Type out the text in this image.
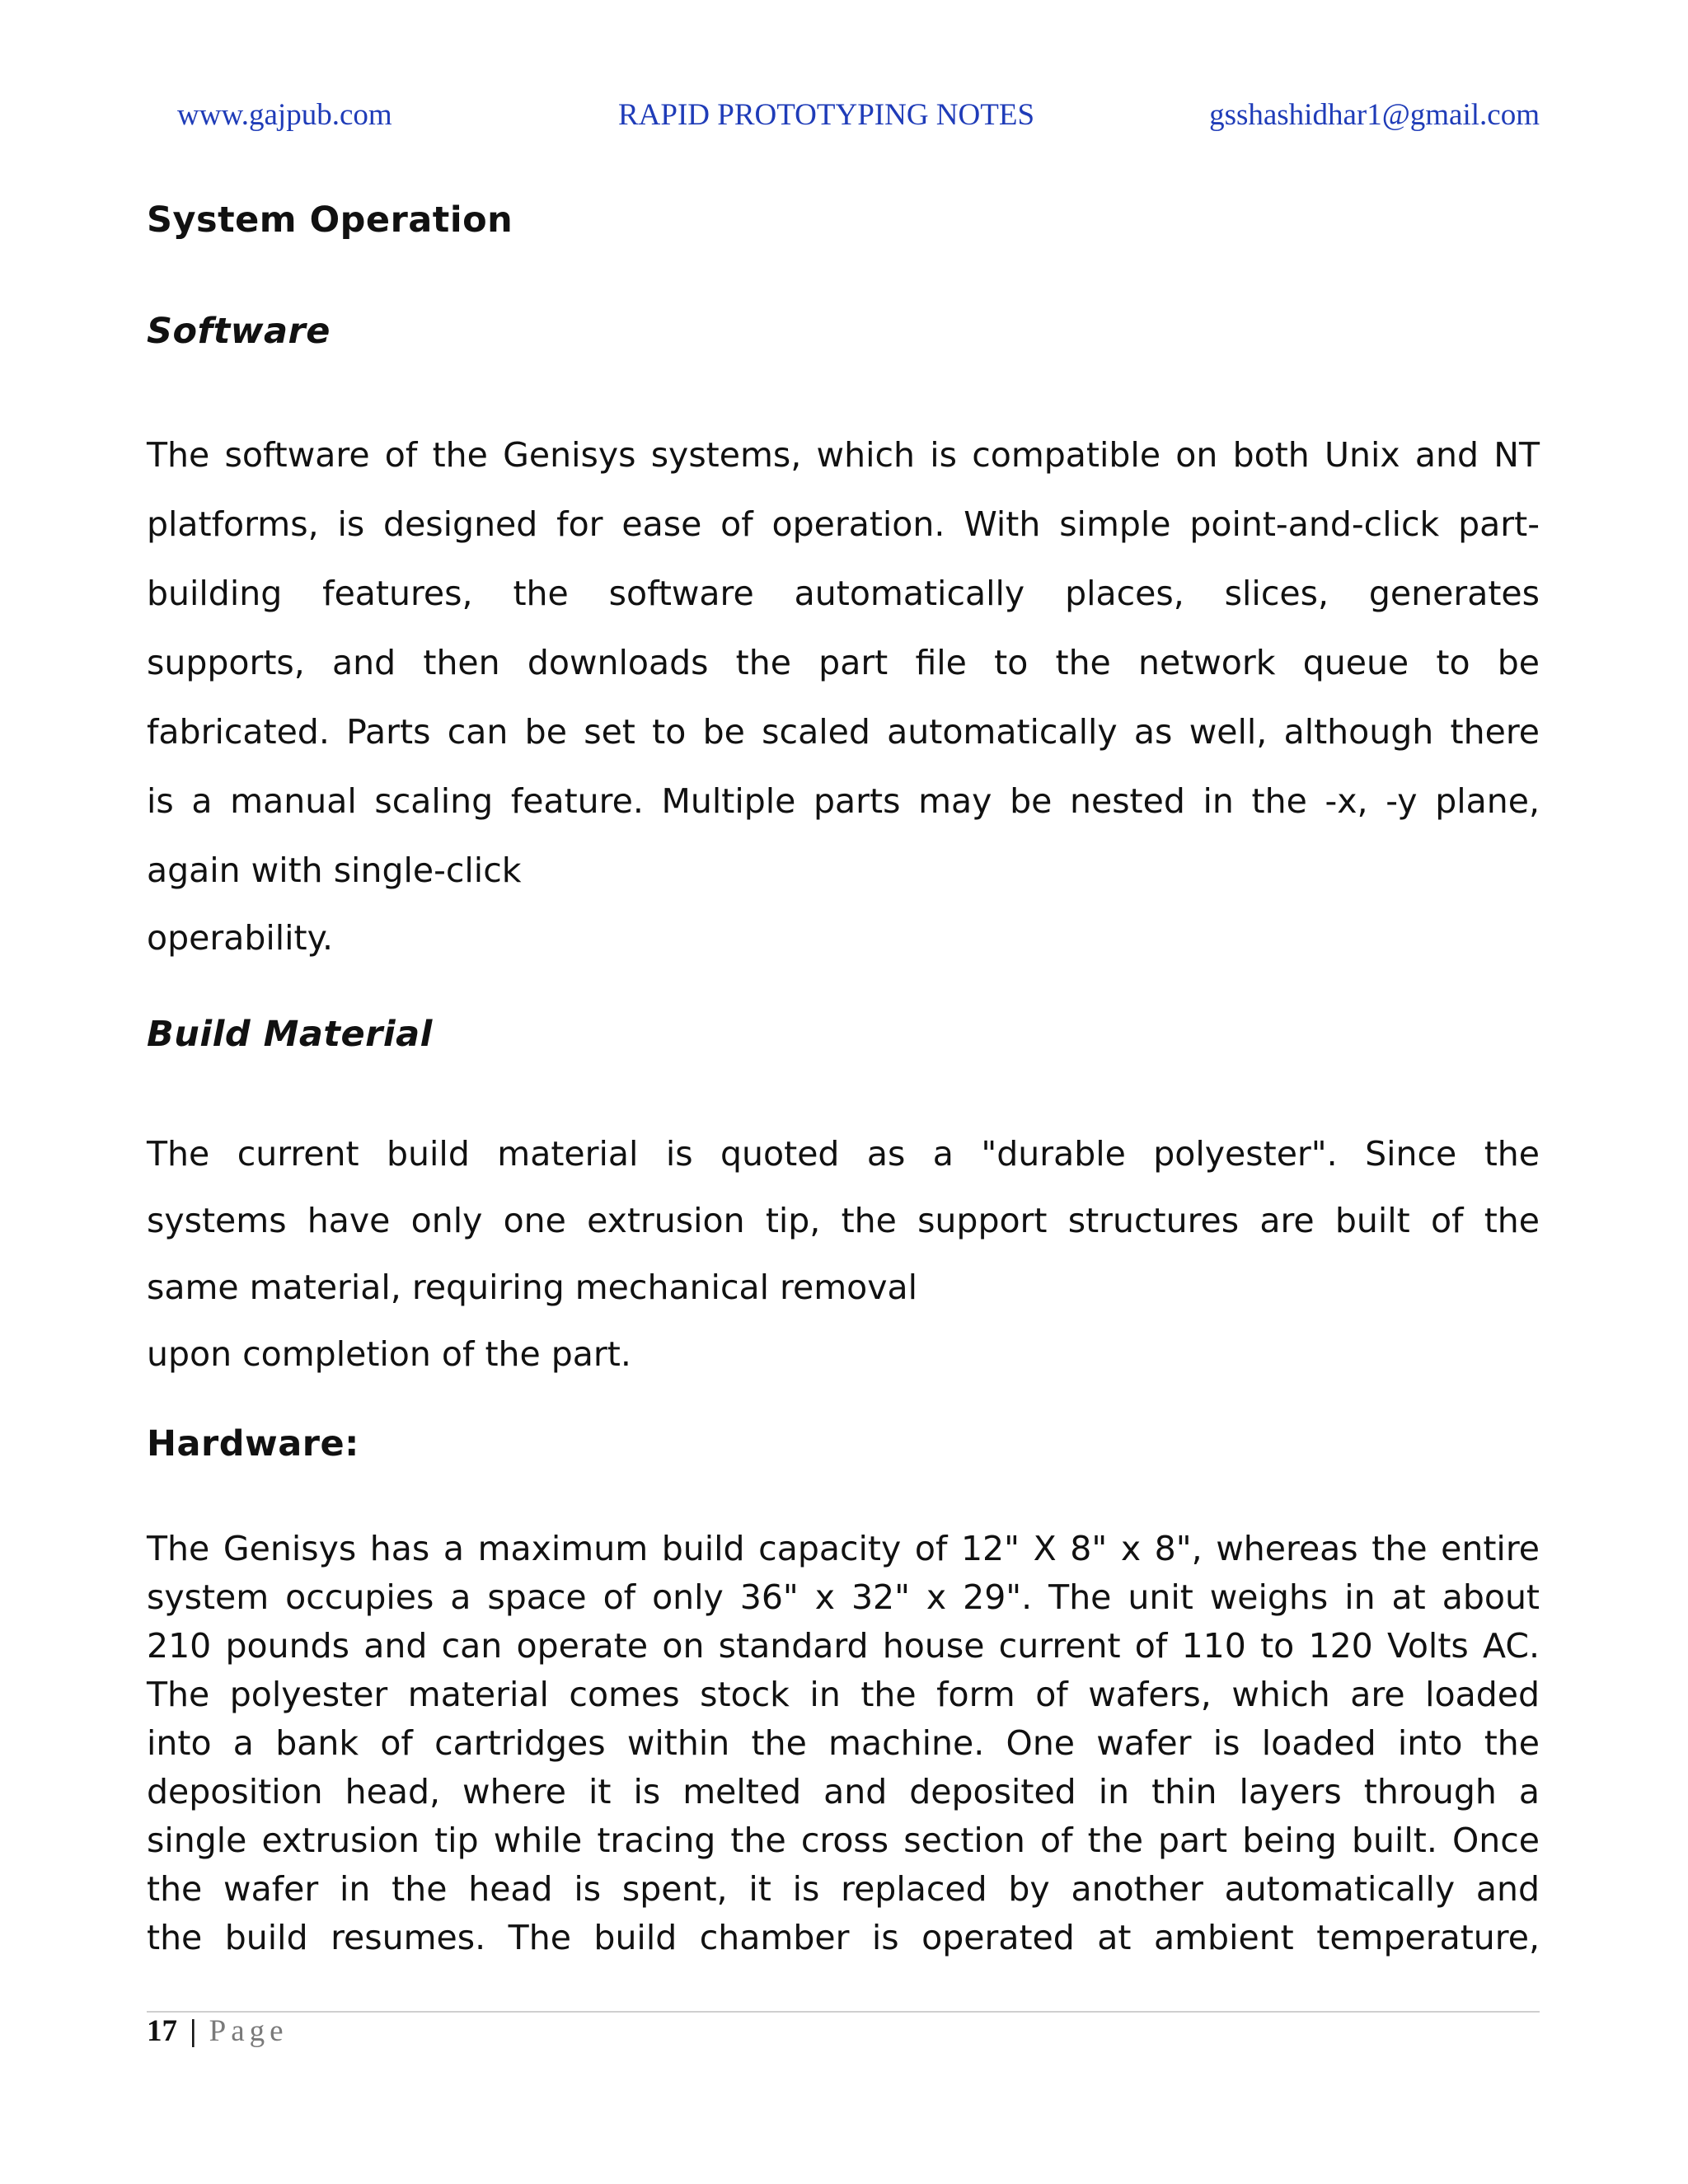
www.gajpub.com	RAPID PROTOTYPING NOTES	gsshashidhar1@gmail.com
System Operation
Software
The software of the Genisys systems, which is compatible on both Unix and NT
platforms, is designed for ease of operation. With simple point-and-click part-
building features, the software automatically places, slices, generates
supports, and then downloads the part file to the network queue to be
fabricated. Parts can be set to be scaled automatically as well, although there
is a manual scaling feature. Multiple parts may be nested in the -x, -y plane,
again with single-click
operability.
Build Material
The current build material is quoted as a "durable polyester". Since the
systems have only one extrusion tip, the support structures are built of the
same material, requiring mechanical removal
upon completion of the part.
Hardware:
The Genisys has a maximum build capacity of 12" X 8" x 8", whereas the entire
system occupies a space of only 36" x 32" x 29". The unit weighs in at about
210 pounds and can operate on standard house current of 110 to 120 Volts AC.
The polyester material comes stock in the form of wafers, which are loaded
into a bank of cartridges within the machine. One wafer is loaded into the
deposition head, where it is melted and deposited in thin layers through a
single extrusion tip while tracing the cross section of the part being built. Once
the wafer in the head is spent, it is replaced by another automatically and
the build resumes. The build chamber is operated at ambient temperature,
17 | Page
